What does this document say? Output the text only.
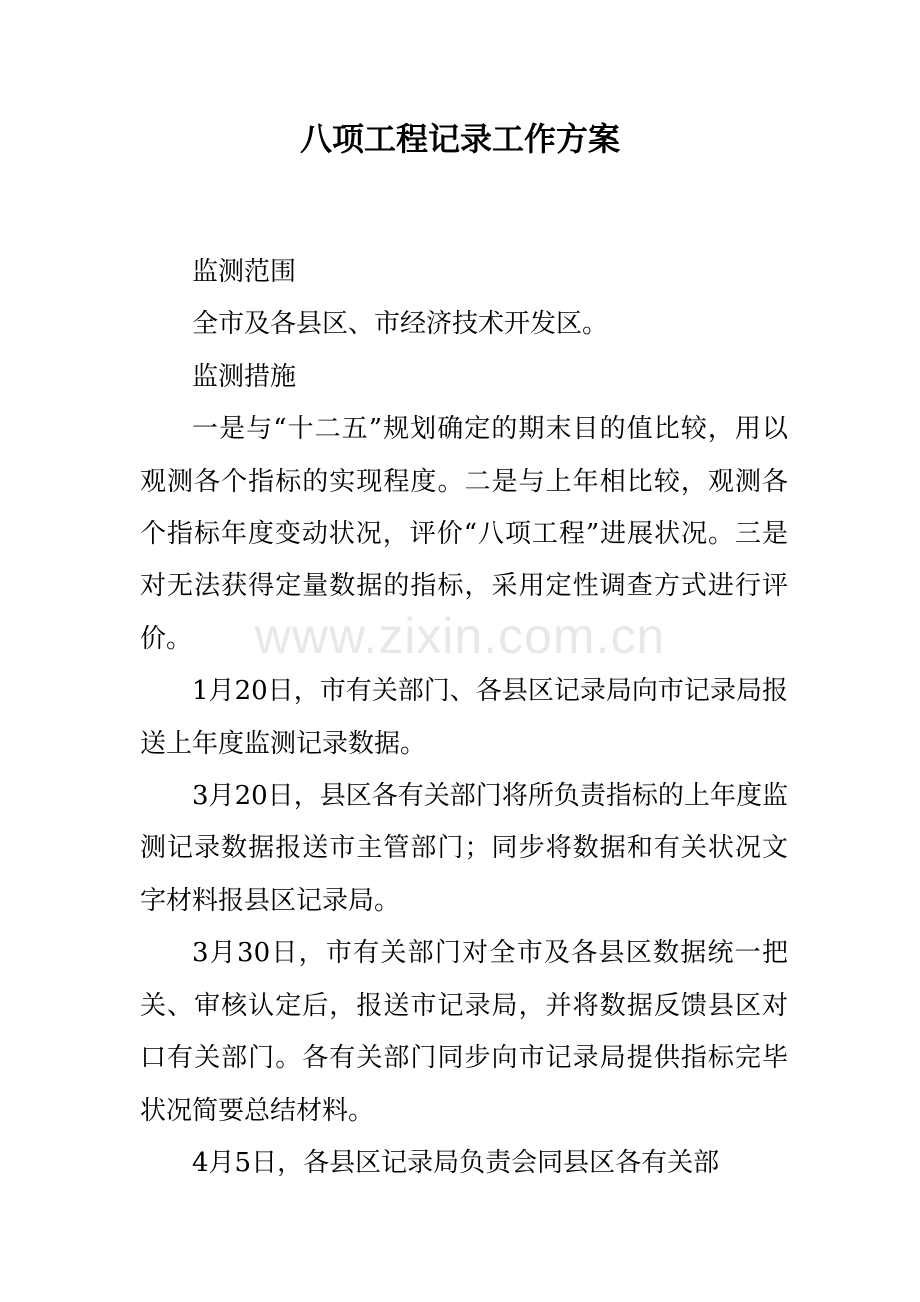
八项工程记录工作方案

监测范围

全市及各县区、市经济技术开发区。

监测措施

一是与“十二五”规划确定的期末目的值比较，用以观测各个指标的实现程度。二是与上年相比较，观测各个指标年度变动状况，评价“八项工程”进展状况。三是对无法获得定量数据的指标，采用定性调查方式进行评价。

1月20日，市有关部门、各县区记录局向市记录局报送上年度监测记录数据。

3月20日，县区各有关部门将所负责指标的上年度监测记录数据报送市主管部门；同步将数据和有关状况文字材料报县区记录局。

3月30日，市有关部门对全市及各县区数据统一把关、审核认定后，报送市记录局，并将数据反馈县区对口有关部门。各有关部门同步向市记录局提供指标完毕状况简要总结材料。

4月5日，各县区记录局负责会同县区各有关部

www.zixin.com.cn
